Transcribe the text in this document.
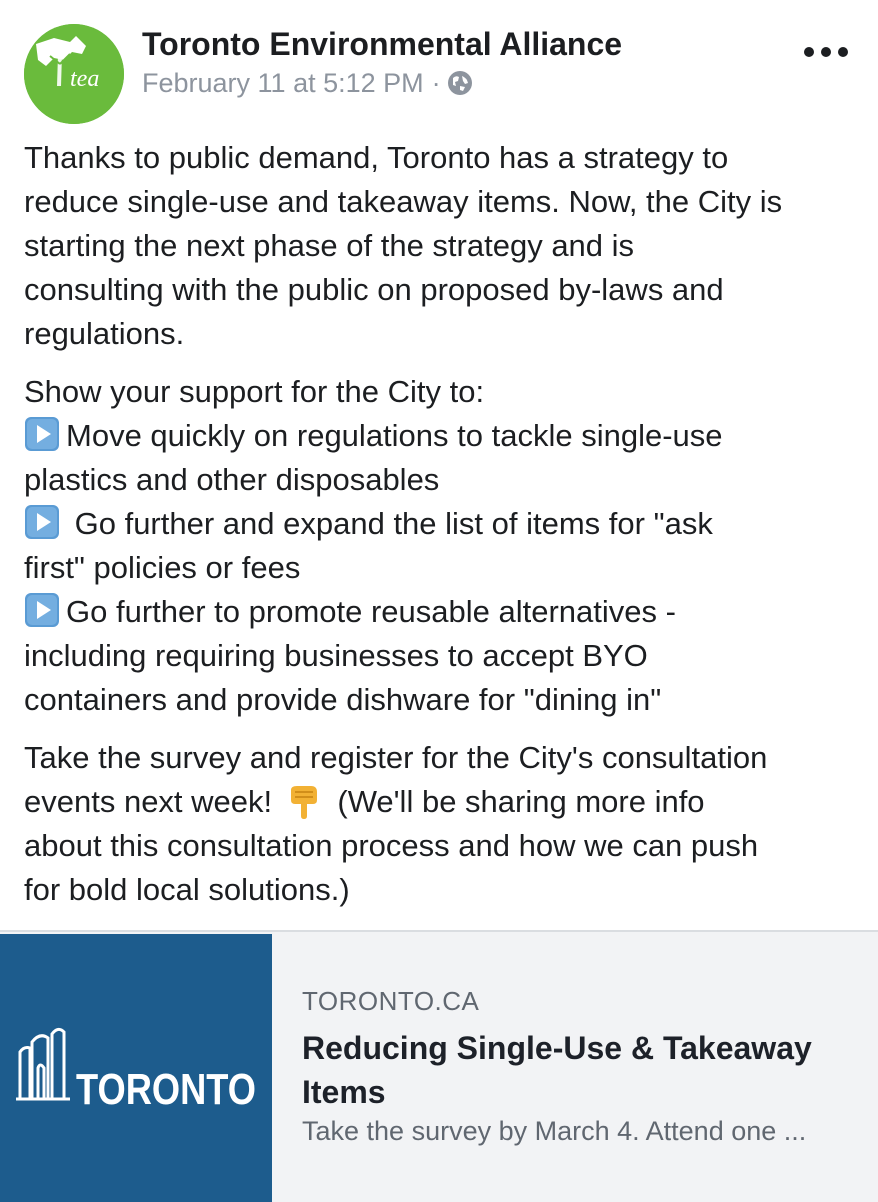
tea
Toronto Environmental Alliance
February 11 at 5:12 PM ·

Thanks to public demand, Toronto has a strategy to
reduce single-use and takeaway items. Now, the City is
starting the next phase of the strategy and is
consulting with the public on proposed by-laws and
regulations.

Show your support for the City to:
Move quickly on regulations to tackle single-use
plastics and other disposables
Go further and expand the list of items for "ask
first" policies or fees
Go further to promote reusable alternatives -
including requiring businesses to accept BYO
containers and provide dishware for "dining in"

Take the survey and register for the City's consultation
events next week!
(We'll be sharing more info
about this consultation process and how we can push
for bold local solutions.)

TORONTO
TORONTO.CA
Reducing Single-Use & Takeaway
Items
Take the survey by March 4. Attend one ...
